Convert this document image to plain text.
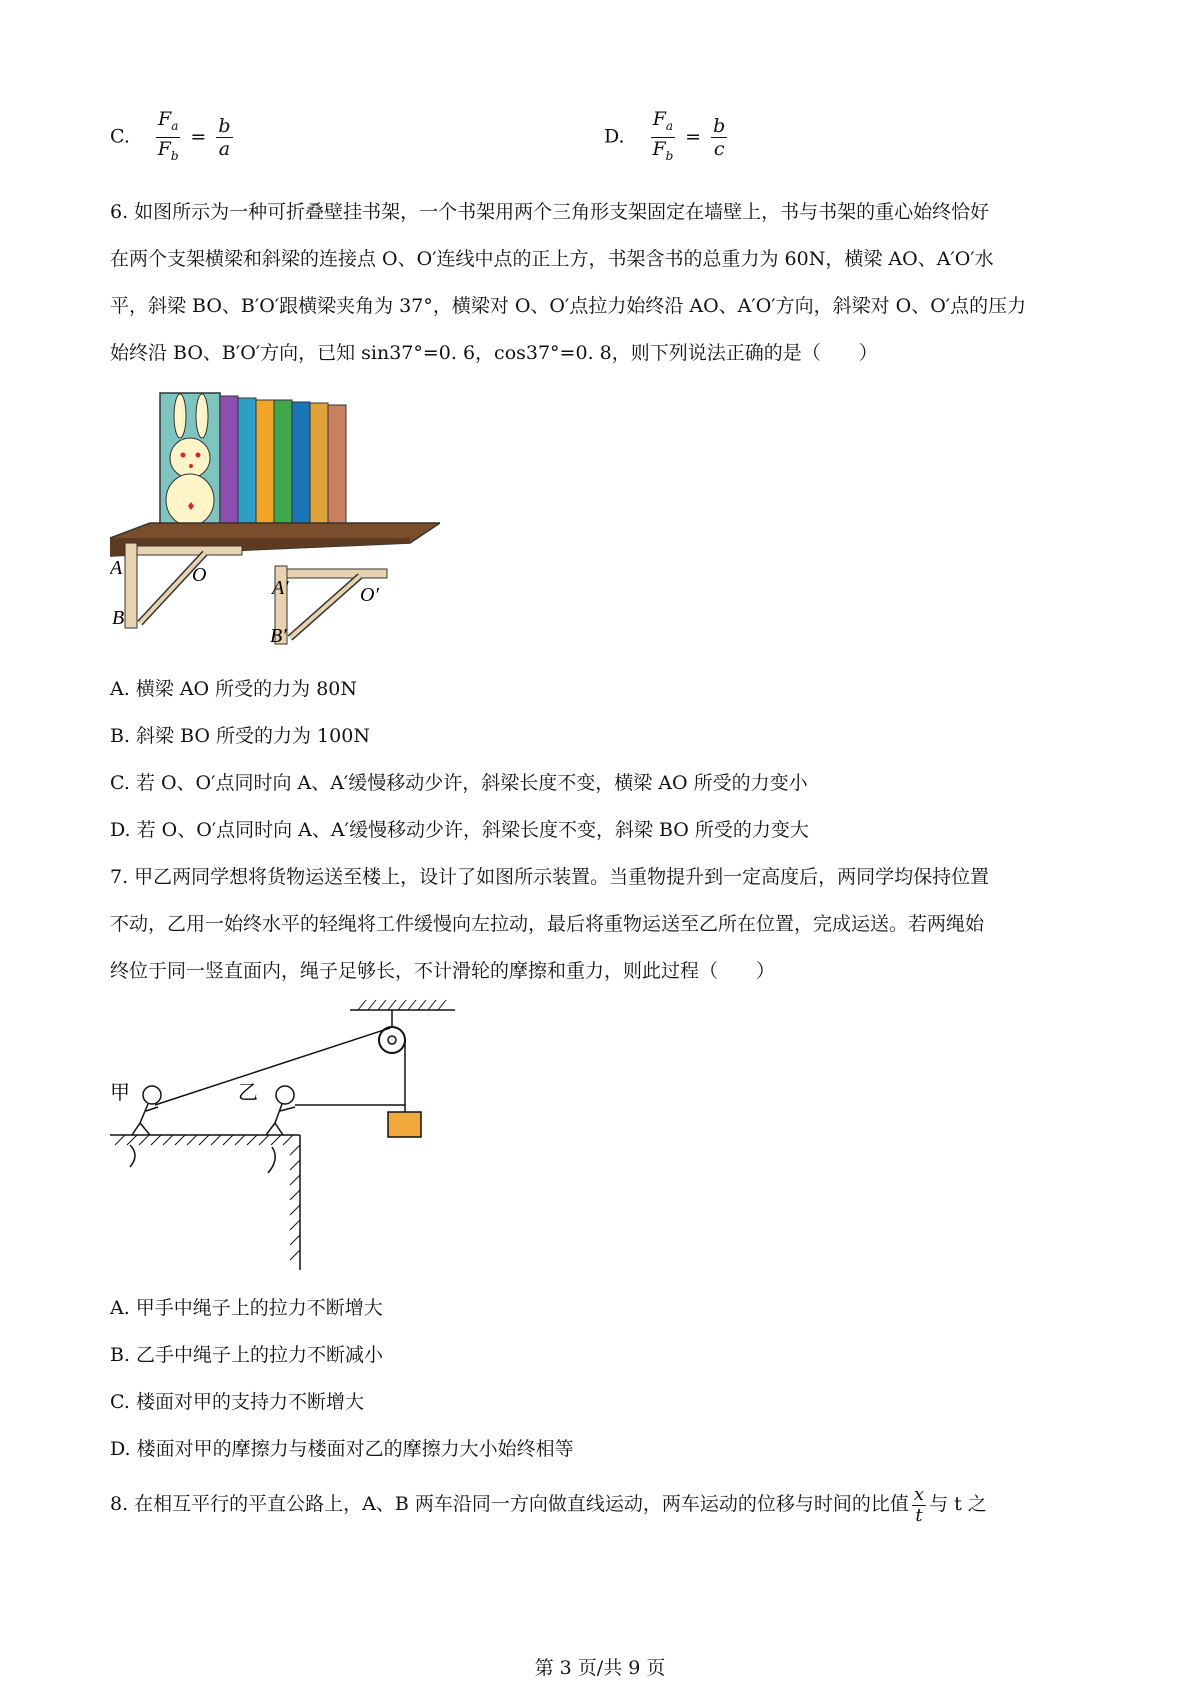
C. $\frac{F_a}{F_b} = \frac{b}{a}$	D. $\frac{F_a}{F_b} = \frac{b}{c}$
6. 如图所示为一种可折叠壁挂书架，一个书架用两个三角形支架固定在墙壁上，书与书架的重心始终恰好
在两个支架横梁和斜梁的连接点 O、O′连线中点的正上方，书架含书的总重力为 60N，横梁 AO、A′O′水
平，斜梁 BO、B′O′跟横梁夹角为 37°，横梁对 O、O′点拉力始终沿 AO、A′O′方向，斜梁对 O、O′点的压力
始终沿 BO、B′O′方向，已知 sin37°=0. 6，cos37°=0. 8，则下列说法正确的是（　　）
A
B
O
A′
B′
O′
A. 横梁 AO 所受的力为 80N
B. 斜梁 BO 所受的力为 100N
C. 若 O、O′点同时向 A、A′缓慢移动少许，斜梁长度不变，横梁 AO 所受的力变小
D. 若 O、O′点同时向 A、A′缓慢移动少许，斜梁长度不变，斜梁 BO 所受的力变大
7. 甲乙两同学想将货物运送至楼上，设计了如图所示装置。当重物提升到一定高度后，两同学均保持位置
不动，乙用一始终水平的轻绳将工件缓慢向左拉动，最后将重物运送至乙所在位置，完成运送。若两绳始
终位于同一竖直面内，绳子足够长，不计滑轮的摩擦和重力，则此过程（　　）
甲	乙
A. 甲手中绳子上的拉力不断增大
B. 乙手中绳子上的拉力不断减小
C. 楼面对甲的支持力不断增大
D. 楼面对甲的摩擦力与楼面对乙的摩擦力大小始终相等
8. 在相互平行的平直公路上，A、B 两车沿同一方向做直线运动，两车运动的位移与时间的比值 $\frac{x}{t}$ 与 t 之
第 3 页/共 9 页
